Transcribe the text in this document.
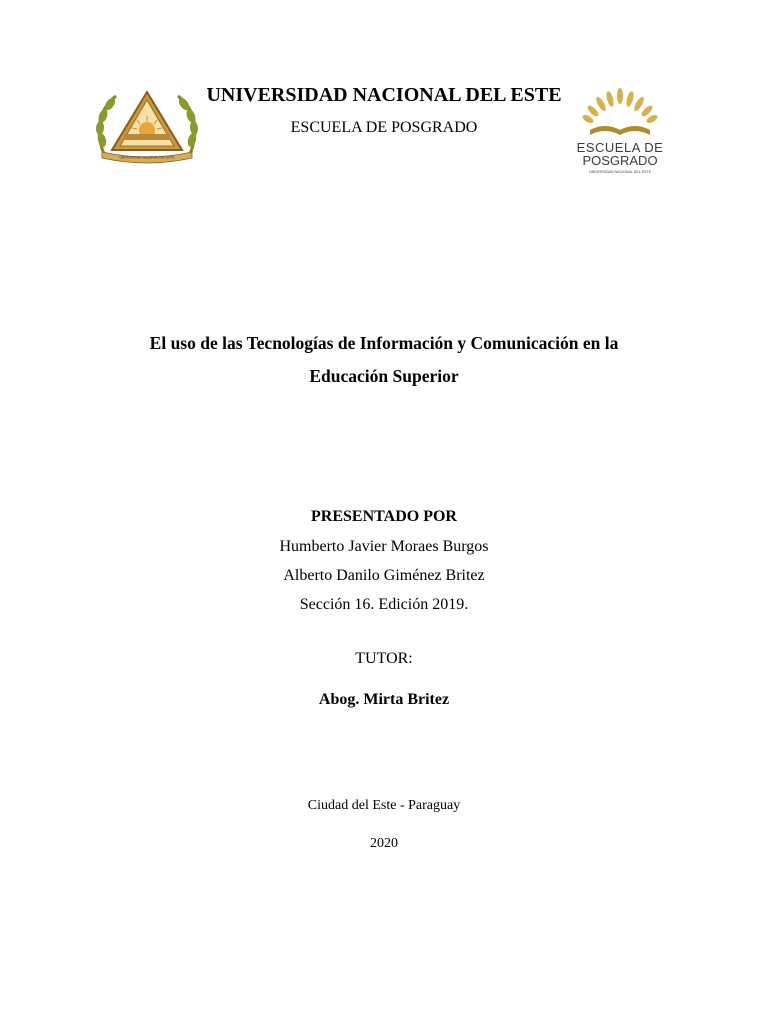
UNIVERSIDAD NACIONAL DEL ESTE
ESCUELA DE
POSGRADO
UNIVERSIDAD NACIONAL DEL ESTE
UNIVERSIDAD NACIONAL DEL ESTE
ESCUELA DE POSGRADO
El uso de las Tecnologías de Información y Comunicación en la
Educación Superior
PRESENTADO POR
Humberto Javier Moraes Burgos
Alberto Danilo Giménez Britez
Sección 16. Edición 2019.
TUTOR:
Abog. Mirta Britez
Ciudad del Este - Paraguay
2020
